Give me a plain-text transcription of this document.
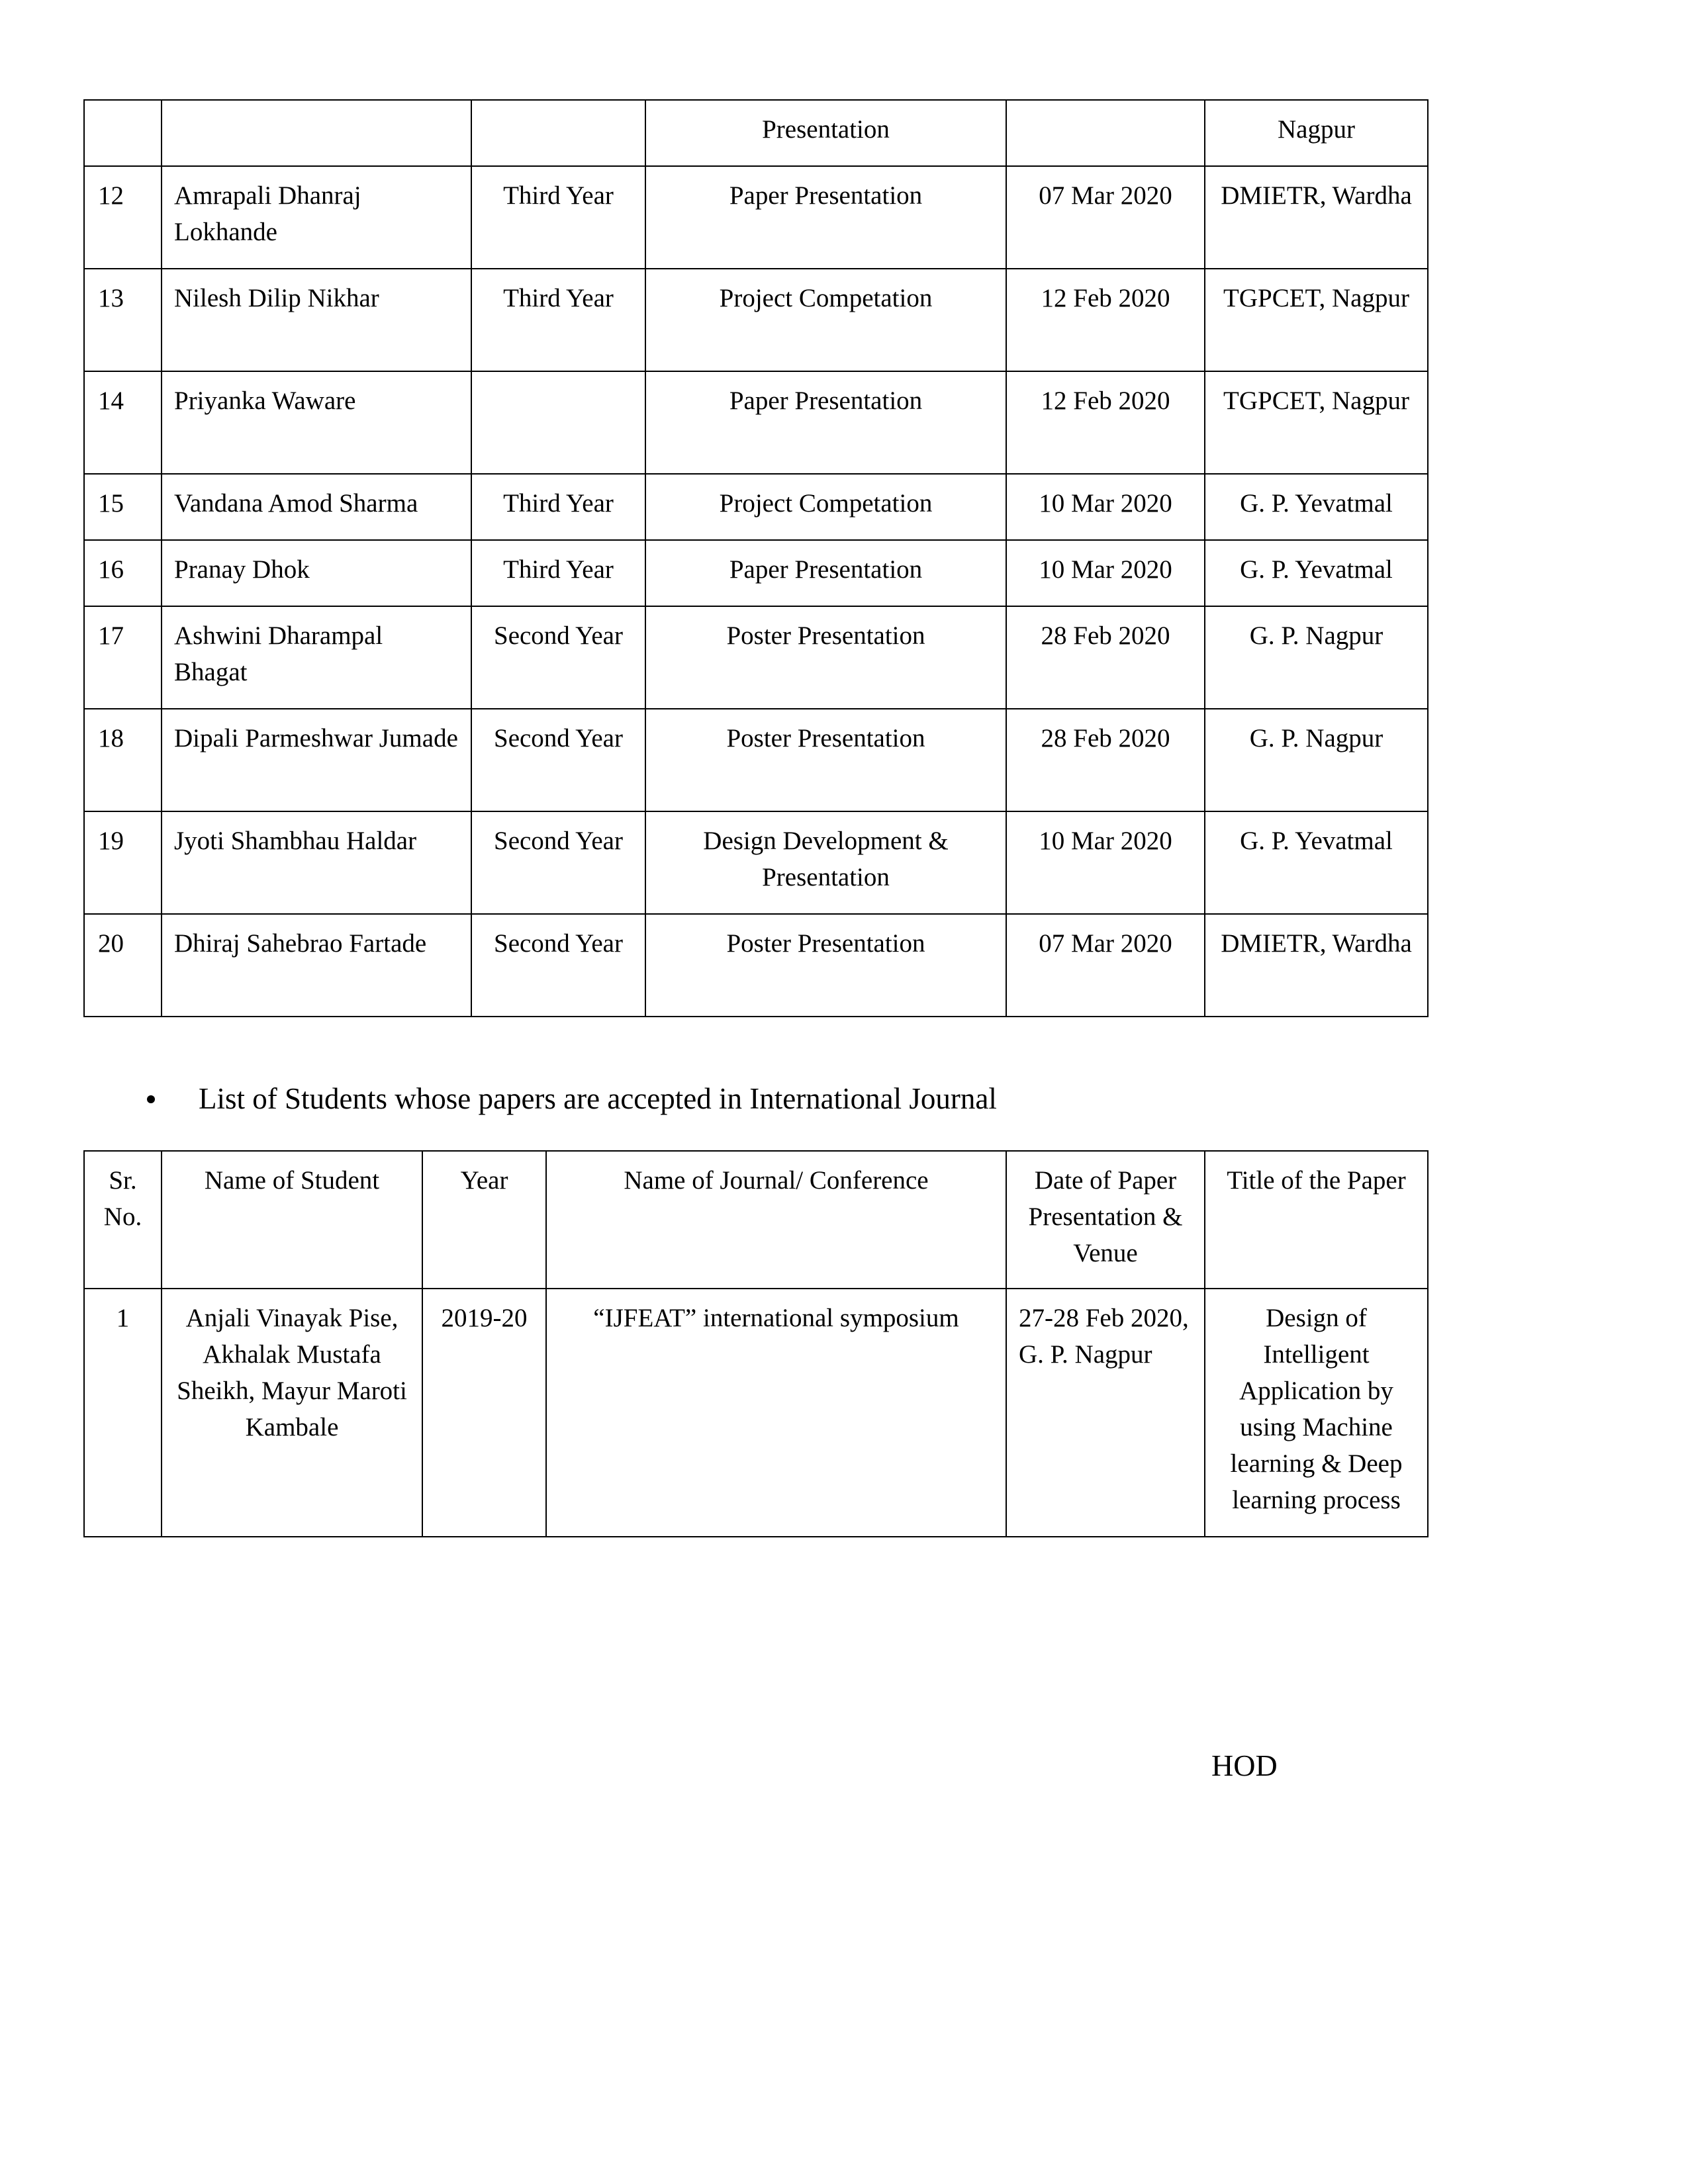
			Presentation		Nagpur
12	Amrapali Dhanraj Lokhande	Third Year	Paper Presentation	07 Mar 2020	DMIETR, Wardha
13	Nilesh Dilip Nikhar	Third Year	Project Competation	12 Feb 2020	TGPCET, Nagpur
14	Priyanka Waware		Paper Presentation	12 Feb 2020	TGPCET, Nagpur
15	Vandana Amod Sharma	Third Year	Project Competation	10 Mar 2020	G. P. Yevatmal
16	Pranay Dhok	Third Year	Paper Presentation	10 Mar 2020	G. P. Yevatmal
17	Ashwini Dharampal Bhagat	Second Year	Poster Presentation	28 Feb 2020	G. P. Nagpur
18	Dipali Parmeshwar Jumade	Second Year	Poster Presentation	28 Feb 2020	G. P. Nagpur
19	Jyoti Shambhau Haldar	Second Year	Design Development & Presentation	10 Mar 2020	G. P. Yevatmal
20	Dhiraj Sahebrao Fartade	Second Year	Poster Presentation	07 Mar 2020	DMIETR, Wardha
List of Students whose papers are accepted in International Journal
Sr. No.	Name of Student	Year	Name of Journal/ Conference	Date of Paper Presentation & Venue	Title of the Paper
1	Anjali Vinayak Pise, Akhalak Mustafa Sheikh, Mayur Maroti Kambale	2019-20	“IJFEAT” international symposium	27-28 Feb 2020, G. P. Nagpur	Design of Intelligent Application by using Machine learning & Deep learning process
HOD
